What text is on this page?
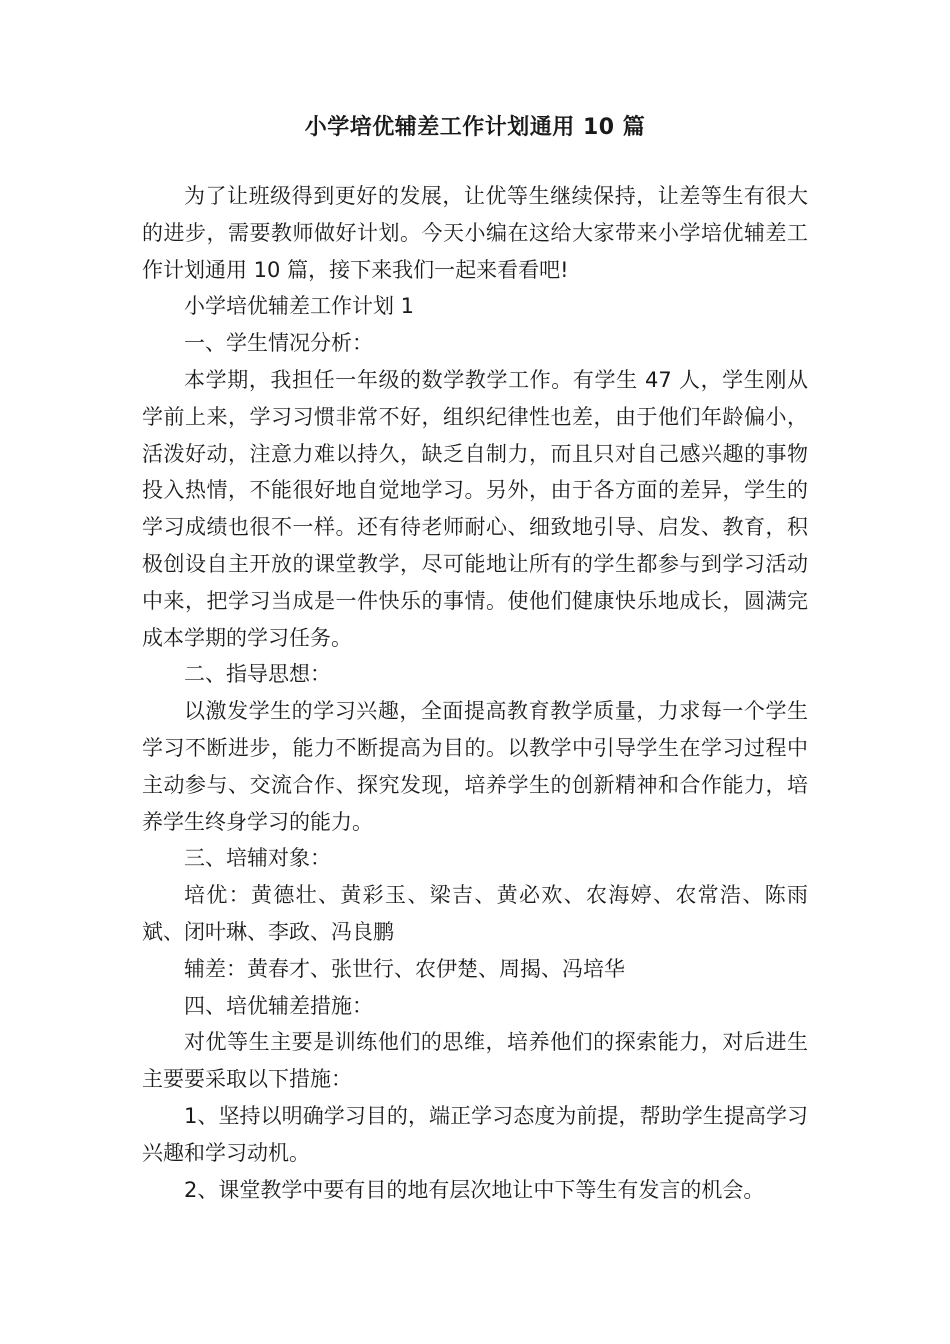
小学培优辅差工作计划通用 10 篇

为了让班级得到更好的发展，让优等生继续保持，让差等生有很大的进步，需要教师做好计划。今天小编在这给大家带来小学培优辅差工作计划通用 10 篇，接下来我们一起来看看吧!

小学培优辅差工作计划 1

一、学生情况分析：

本学期，我担任一年级的数学教学工作。有学生 47 人，学生刚从学前上来，学习习惯非常不好，组织纪律性也差，由于他们年龄偏小，活泼好动，注意力难以持久，缺乏自制力，而且只对自己感兴趣的事物投入热情，不能很好地自觉地学习。另外，由于各方面的差异，学生的学习成绩也很不一样。还有待老师耐心、细致地引导、启发、教育，积极创设自主开放的课堂教学，尽可能地让所有的学生都参与到学习活动中来，把学习当成是一件快乐的事情。使他们健康快乐地成长，圆满完成本学期的学习任务。

二、指导思想：

以激发学生的学习兴趣，全面提高教育教学质量，力求每一个学生学习不断进步，能力不断提高为目的。以教学中引导学生在学习过程中主动参与、交流合作、探究发现，培养学生的创新精神和合作能力，培养学生终身学习的能力。

三、培辅对象：

培优：黄德壮、黄彩玉、梁吉、黄必欢、农海婷、农常浩、陈雨斌、闭叶琳、李政、冯良鹏

辅差：黄春才、张世行、农伊楚、周揭、冯培华

四、培优辅差措施：

对优等生主要是训练他们的思维，培养他们的探索能力，对后进生主要要采取以下措施：

1、坚持以明确学习目的，端正学习态度为前提，帮助学生提高学习兴趣和学习动机。

2、课堂教学中要有目的地有层次地让中下等生有发言的机会。
